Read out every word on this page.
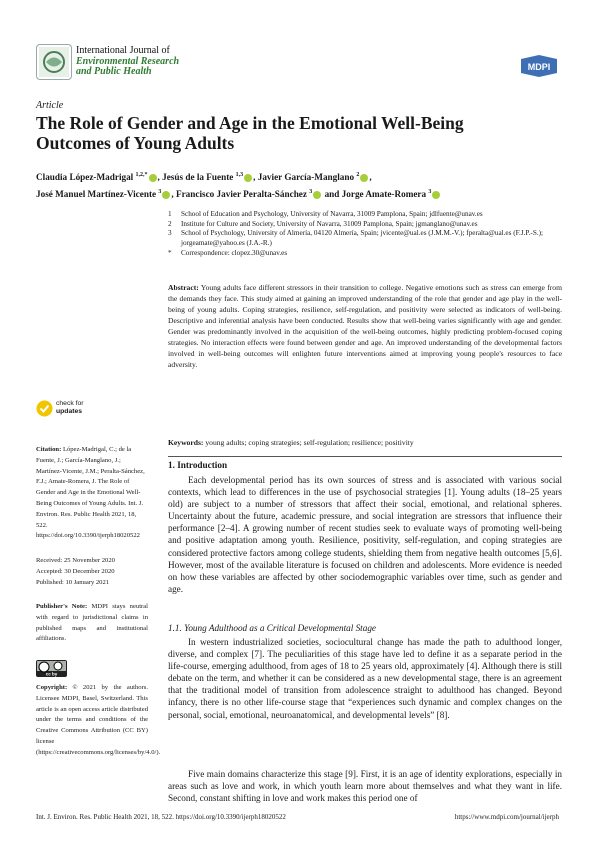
International Journal of
Environmental Research
and Public Health	MDPI
Article
The Role of Gender and Age in the Emotional Well-Being Outcomes of Young Adults
Claudia López-Madrigal $^{1,2,*}$ , Jesús de la Fuente $^{1,3}$ , Javier García-Manglano $^2$ ,
José Manuel Martínez-Vicente $^3$ , Francisco Javier Peralta-Sánchez $^3$ and Jorge Amate-Romera $^3$
1	School of Education and Psychology, University of Navarra, 31009 Pamplona, Spain; jdlfuente@unav.es
2	Institute for Culture and Society, University of Navarra, 31009 Pamplona, Spain; jgmanglano@unav.es
3	School of Psychology, University of Almería, 04120 Almería, Spain; jvicente@ual.es (J.M.M.-V.); fperalta@ual.es (F.J.P.-S.); jorgeamate@yahoo.es (J.A.-R.)
*	Correspondence: clopez.30@unav.es
Abstract: Young adults face different stressors in their transition to college. Negative emotions such as stress can emerge from the demands they face. This study aimed at gaining an improved understanding of the role that gender and age play in the well-being of young adults. Coping strategies, resilience, self-regulation, and positivity were selected as indicators of well-being. Descriptive and inferential analysis have been conducted. Results show that well-being varies significantly with age and gender. Gender was predominantly involved in the acquisition of the well-being outcomes, highly predicting problem-focused coping strategies. No interaction effects were found between gender and age. An improved understanding of the developmental factors involved in well-being outcomes will enlighten future interventions aimed at improving young people's resources to face adversity.
Keywords: young adults; coping strategies; self-regulation; resilience; positivity
check for
updates
Citation: López-Madrigal, C.; de la Fuente, J.; García-Manglano, J.; Martínez-Vicente, J.M.; Peralta-Sánchez, F.J.; Amate-Romera, J. The Role of Gender and Age in the Emotional Well-Being Outcomes of Young Adults. Int. J. Environ. Res. Public Health 2021, 18, 522. https://doi.org/10.3390/ijerph18020522
Received: 25 November 2020
Accepted: 30 December 2020
Published: 10 January 2021
Publisher's Note: MDPI stays neutral with regard to jurisdictional claims in published maps and institutional affiliations.
cc by
Copyright: © 2021 by the authors. Licensee MDPI, Basel, Switzerland. This article is an open access article distributed under the terms and conditions of the Creative Commons Attribution (CC BY) license (https://creativecommons.org/licenses/by/4.0/).
1. Introduction
Each developmental period has its own sources of stress and is associated with various social contexts, which lead to differences in the use of psychosocial strategies [1]. Young adults (18–25 years old) are subject to a number of stressors that affect their social, emotional, and relational spheres. Uncertainty about the future, academic pressure, and social integration are stressors that influence their performance [2–4]. A growing number of recent studies seek to evaluate ways of promoting well-being and positive adaptation among youth. Resilience, positivity, self-regulation, and coping strategies are considered protective factors among college students, shielding them from negative health outcomes [5,6]. However, most of the available literature is focused on children and adolescents. More evidence is needed on how these variables are affected by other sociodemographic variables over time, such as gender and age.
1.1. Young Adulthood as a Critical Developmental Stage
In western industrialized societies, sociocultural change has made the path to adulthood longer, diverse, and complex [7]. The peculiarities of this stage have led to define it as a separate period in the life-course, emerging adulthood, from ages of 18 to 25 years old, approximately [4]. Although there is still debate on the term, and whether it can be considered as a new developmental stage, there is an agreement that the traditional model of transition from adolescence straight to adulthood has changed. Beyond infancy, there is no other life-course stage that “experiences such dynamic and complex changes on the personal, social, emotional, neuroanatomical, and developmental levels” [8].
Five main domains characterize this stage [9]. First, it is an age of identity explorations, especially in areas such as love and work, in which youth learn more about themselves and what they want in life. Second, constant shifting in love and work makes this period one of
Int. J. Environ. Res. Public Health 2021, 18, 522. https://doi.org/10.3390/ijerph18020522	https://www.mdpi.com/journal/ijerph
